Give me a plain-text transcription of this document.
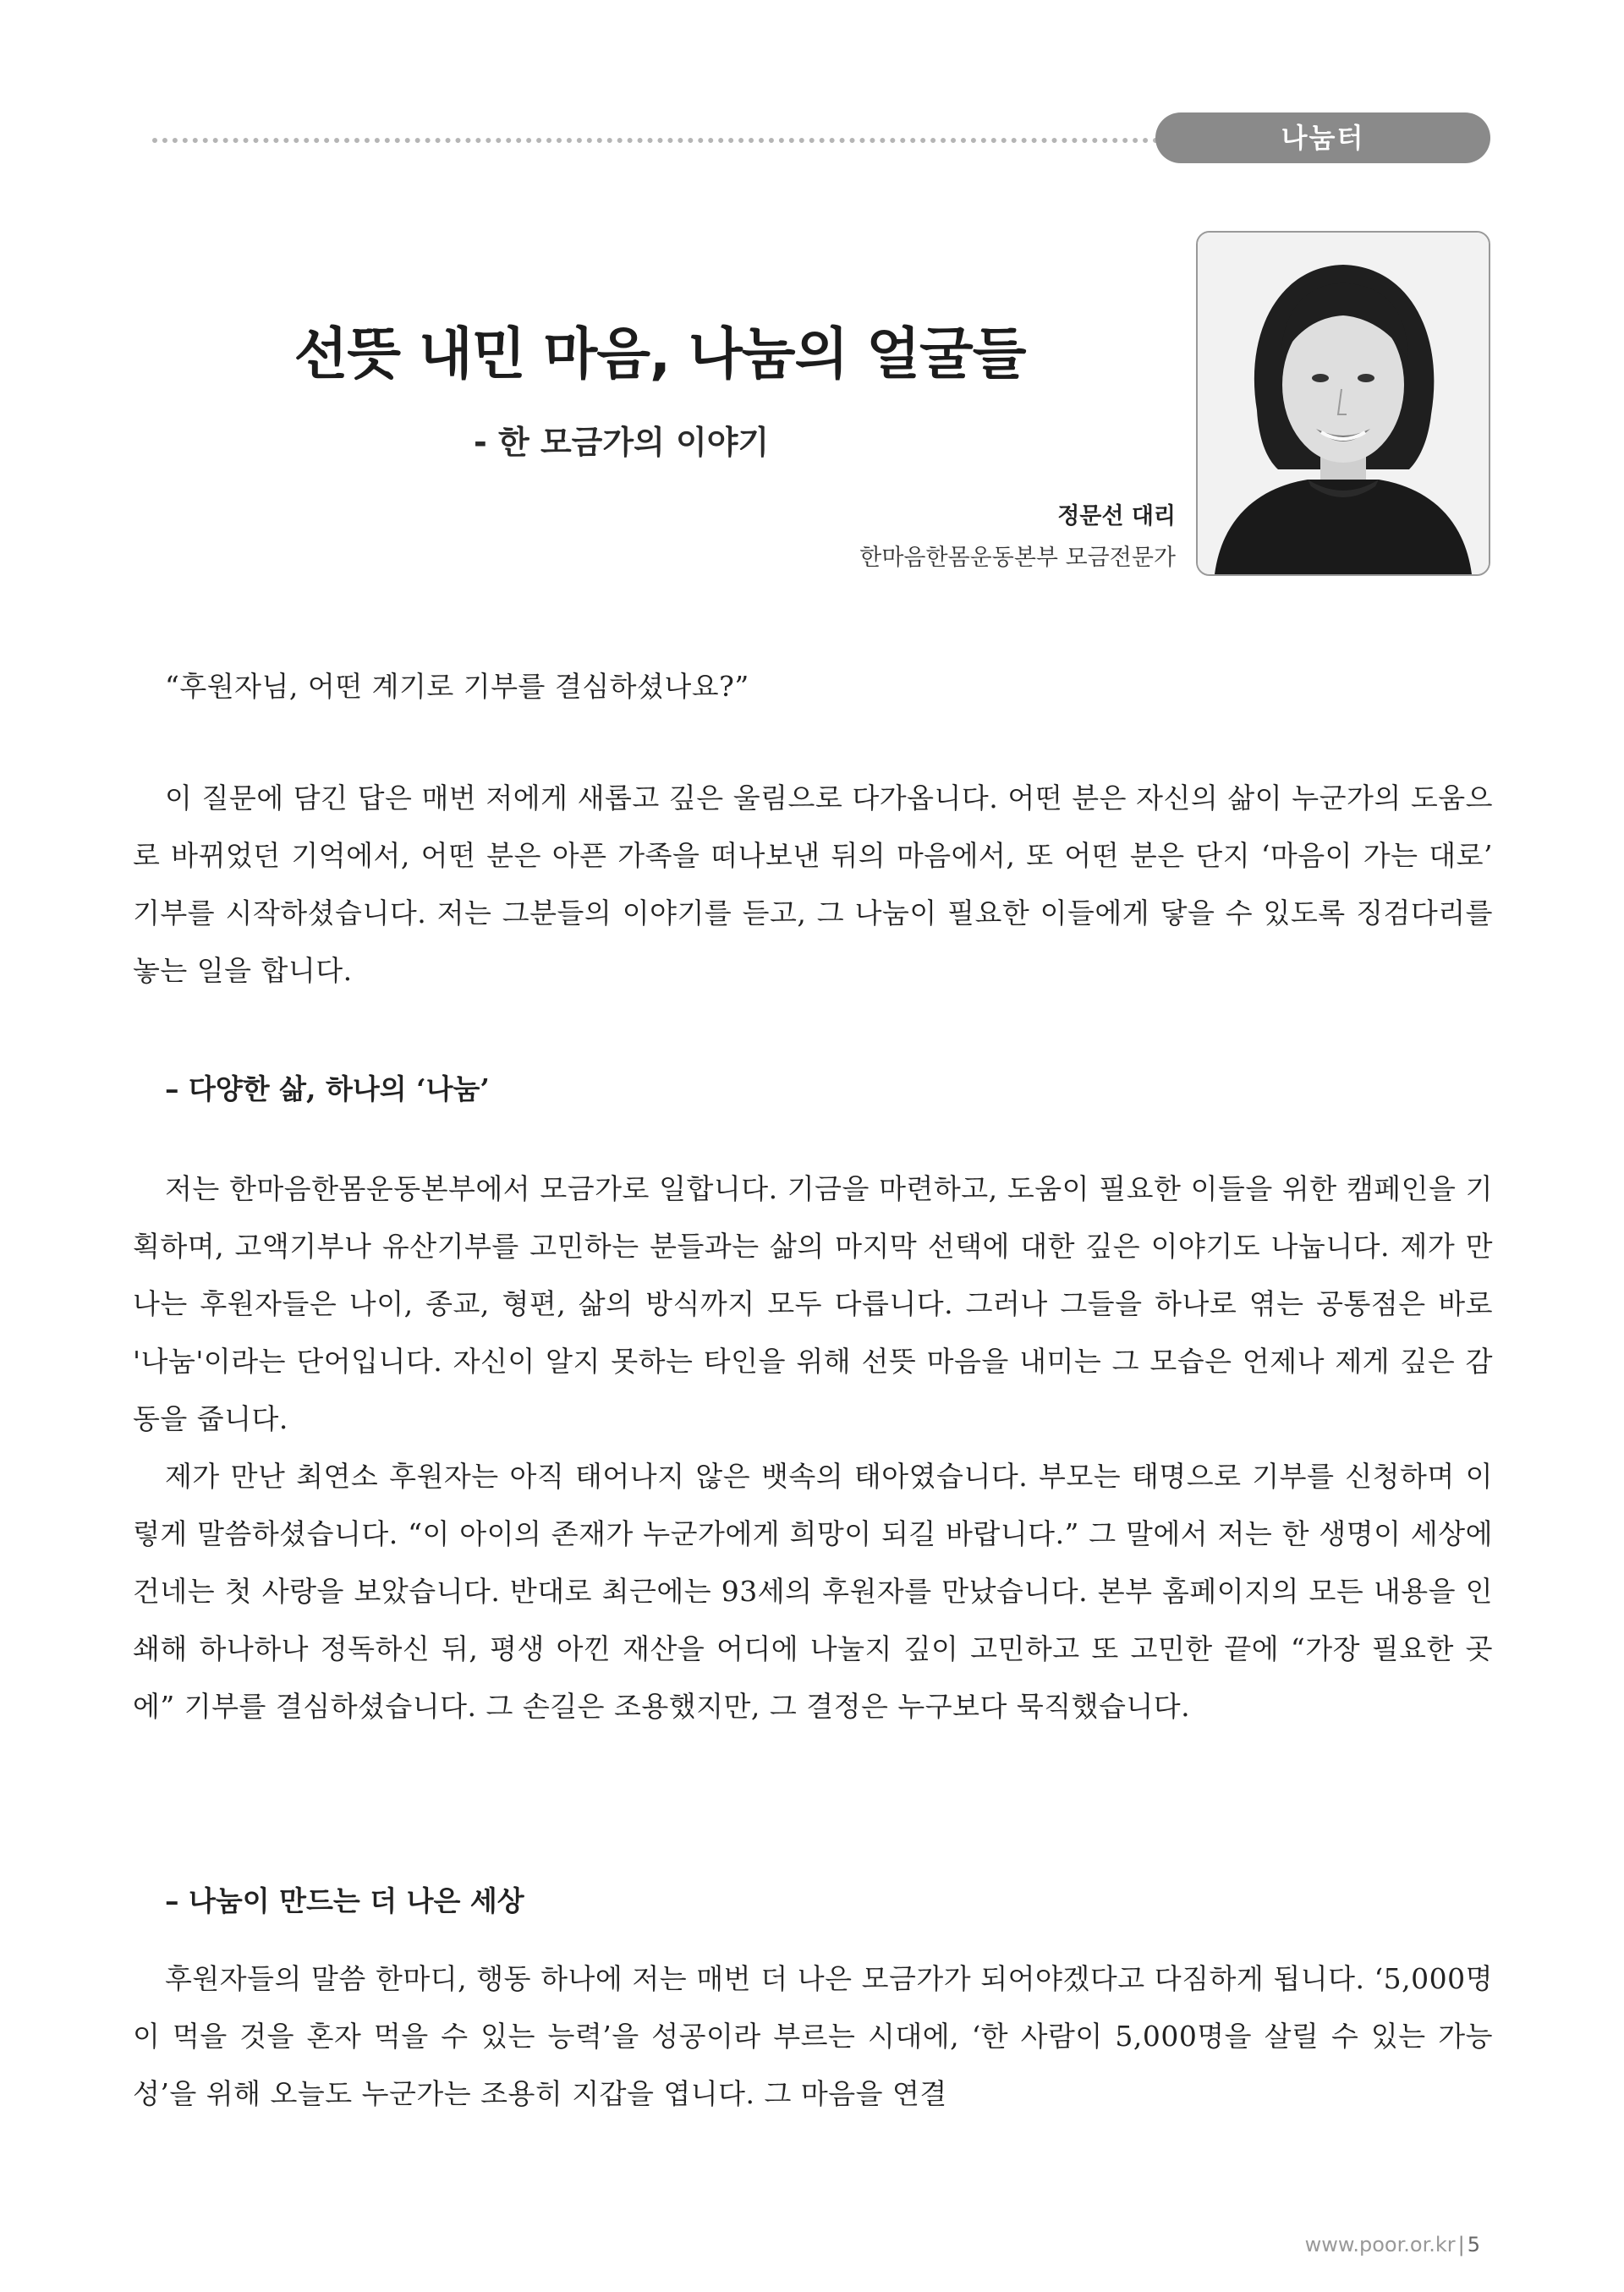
나눔터
선뜻 내민 마음, 나눔의 얼굴들
- 한 모금가의 이야기
정문선 대리
한마음한몸운동본부 모금전문가

“후원자님, 어떤 계기로 기부를 결심하셨나요?”

이 질문에 담긴 답은 매번 저에게 새롭고 깊은 울림으로 다가옵니다. 어떤 분은 자신의 삶이 누군가의 도움으로 바뀌었던 기억에서, 어떤 분은 아픈 가족을 떠나보낸 뒤의 마음에서, 또 어떤 분은 단지 ‘마음이 가는 대로’ 기부를 시작하셨습니다. 저는 그분들의 이야기를 듣고, 그 나눔이 필요한 이들에게 닿을 수 있도록 징검다리를 놓는 일을 합니다.

– 다양한 삶, 하나의 ‘나눔’

저는 한마음한몸운동본부에서 모금가로 일합니다. 기금을 마련하고, 도움이 필요한 이들을 위한 캠페인을 기획하며, 고액기부나 유산기부를 고민하는 분들과는 삶의 마지막 선택에 대한 깊은 이야기도 나눕니다. 제가 만나는 후원자들은 나이, 종교, 형편, 삶의 방식까지 모두 다릅니다. 그러나 그들을 하나로 엮는 공통점은 바로 '나눔'이라는 단어입니다. 자신이 알지 못하는 타인을 위해 선뜻 마음을 내미는 그 모습은 언제나 제게 깊은 감동을 줍니다.

제가 만난 최연소 후원자는 아직 태어나지 않은 뱃속의 태아였습니다. 부모는 태명으로 기부를 신청하며 이렇게 말씀하셨습니다. “이 아이의 존재가 누군가에게 희망이 되길 바랍니다.” 그 말에서 저는 한 생명이 세상에 건네는 첫 사랑을 보았습니다. 반대로 최근에는 93세의 후원자를 만났습니다. 본부 홈페이지의 모든 내용을 인쇄해 하나하나 정독하신 뒤, 평생 아낀 재산을 어디에 나눌지 깊이 고민하고 또 고민한 끝에 “가장 필요한 곳에” 기부를 결심하셨습니다. 그 손길은 조용했지만, 그 결정은 누구보다 묵직했습니다.

– 나눔이 만드는 더 나은 세상

후원자들의 말씀 한마디, 행동 하나에 저는 매번 더 나은 모금가가 되어야겠다고 다짐하게 됩니다. ‘5,000명이 먹을 것을 혼자 먹을 수 있는 능력’을 성공이라 부르는 시대에, ‘한 사람이 5,000명을 살릴 수 있는 가능성’을 위해 오늘도 누군가는 조용히 지갑을 엽니다. 그 마음을 연결

www.poor.or.kr | 5
